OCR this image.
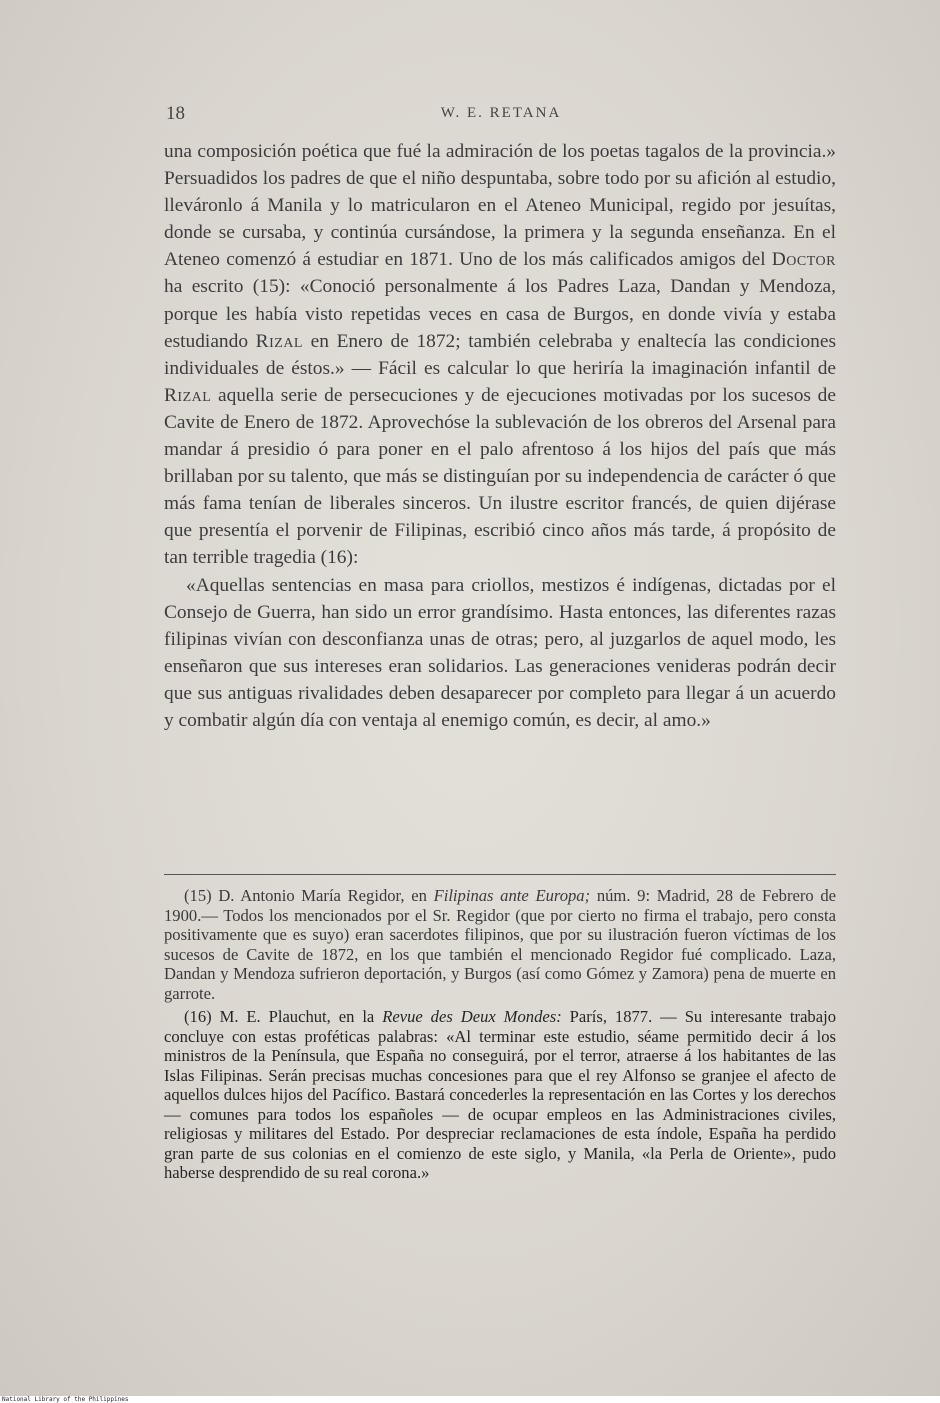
18	W. E. RETANA

una composición poética que fué la admiración de los poetas tagalos de la provincia.» Persuadidos los padres de que el niño despuntaba, sobre todo por su afición al estudio, lleváronlo á Manila y lo matricularon en el Ateneo Municipal, regido por jesuítas, donde se cursaba, y continúa cursándose, la primera y la segunda enseñanza. En el Ateneo comenzó á estudiar en 1871. Uno de los más calificados amigos del Doctor ha escrito (15): «Conoció personalmente á los Padres Laza, Dandan y Mendoza, porque les había visto repetidas veces en casa de Burgos, en donde vivía y estaba estudiando Rizal en Enero de 1872; también celebraba y enaltecía las condiciones individuales de éstos.» — Fácil es calcular lo que heriría la imaginación infantil de Rizal aquella serie de persecuciones y de ejecuciones motivadas por los sucesos de Cavite de Enero de 1872. Aprovechóse la sublevación de los obreros del Arsenal para mandar á presidio ó para poner en el palo afrentoso á los hijos del país que más brillaban por su talento, que más se distinguían por su independencia de carácter ó que más fama tenían de liberales sinceros. Un ilustre escritor francés, de quien dijérase que presentía el porvenir de Filipinas, escribió cinco años más tarde, á propósito de tan terrible tragedia (16):

«Aquellas sentencias en masa para criollos, mestizos é indígenas, dictadas por el Consejo de Guerra, han sido un error grandísimo. Hasta entonces, las diferentes razas filipinas vivían con desconfianza unas de otras; pero, al juzgarlos de aquel modo, les enseñaron que sus intereses eran solidarios. Las generaciones venideras podrán decir que sus antiguas rivalidades deben desaparecer por completo para llegar á un acuerdo y combatir algún día con ventaja al enemigo común, es decir, al amo.»

(15) D. Antonio María Regidor, en Filipinas ante Europa; núm. 9: Madrid, 28 de Febrero de 1900.— Todos los mencionados por el Sr. Regidor (que por cierto no firma el trabajo, pero consta positivamente que es suyo) eran sacerdotes filipinos, que por su ilustración fueron víctimas de los sucesos de Cavite de 1872, en los que también el mencionado Regidor fué complicado. Laza, Dandan y Mendoza sufrieron deportación, y Burgos (así como Gómez y Zamora) pena de muerte en garrote.

(16) M. E. Plauchut, en la Revue des Deux Mondes: París, 1877. — Su interesante trabajo concluye con estas proféticas palabras: «Al terminar este estudio, séame permitido decir á los ministros de la Península, que España no conseguirá, por el terror, atraerse á los habitantes de las Islas Filipinas. Serán precisas muchas concesiones para que el rey Alfonso se granjee el afecto de aquellos dulces hijos del Pacífico. Bastará concederles la representación en las Cortes y los derechos — comunes para todos los españoles — de ocupar empleos en las Administraciones civiles, religiosas y militares del Estado. Por despreciar reclamaciones de esta índole, España ha perdido gran parte de sus colonias en el comienzo de este siglo, y Manila, «la Perla de Oriente», pudo haberse desprendido de su real corona.»

National Library of the Philippines
